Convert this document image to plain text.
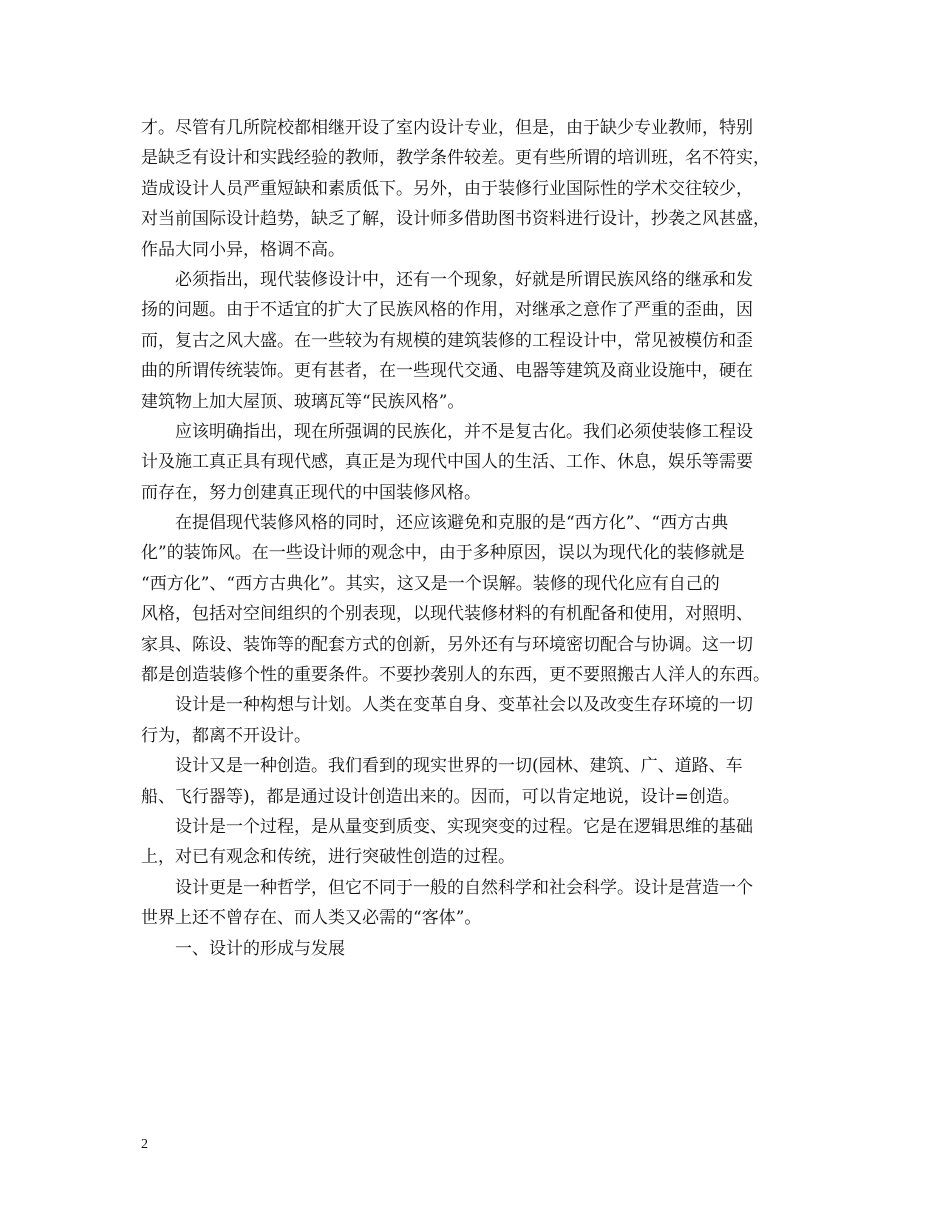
才。尽管有几所院校都相继开设了室内设计专业，但是，由于缺少专业教师，特别
是缺乏有设计和实践经验的教师，教学条件较差。更有些所谓的培训班，名不符实，
造成设计人员严重短缺和素质低下。另外，由于装修行业国际性的学术交往较少，
对当前国际设计趋势，缺乏了解，设计师多借助图书资料进行设计，抄袭之风甚盛，
作品大同小异，格调不高。
必须指出，现代装修设计中，还有一个现象，好就是所谓民族风络的继承和发
扬的问题。由于不适宜的扩大了民族风格的作用，对继承之意作了严重的歪曲，因
而，复古之风大盛。在一些较为有规模的建筑装修的工程设计中，常见被模仿和歪
曲的所谓传统装饰。更有甚者，在一些现代交通、电器等建筑及商业设施中，硬在
建筑物上加大屋顶、玻璃瓦等“民族风格”。
应该明确指出，现在所强调的民族化，并不是复古化。我们必须使装修工程设
计及施工真正具有现代感，真正是为现代中国人的生活、工作、休息，娱乐等需要
而存在，努力创建真正现代的中国装修风格。
在提倡现代装修风格的同时，还应该避免和克服的是“西方化”、“西方古典
化”的装饰风。在一些设计师的观念中，由于多种原因，误以为现代化的装修就是
“西方化”、“西方古典化”。其实，这又是一个误解。装修的现代化应有自己的
风格，包括对空间组织的个别表现，以现代装修材料的有机配备和使用，对照明、
家具、陈设、装饰等的配套方式的创新，另外还有与环境密切配合与协调。这一切
都是创造装修个性的重要条件。不要抄袭别人的东西，更不要照搬古人洋人的东西。
设计是一种构想与计划。人类在变革自身、变革社会以及改变生存环境的一切
行为，都离不开设计。
设计又是一种创造。我们看到的现实世界的一切(园林、建筑、广、道路、车
船、飞行器等)，都是通过设计创造出来的。因而，可以肯定地说，设计=创造。
设计是一个过程，是从量变到质变、实现突变的过程。它是在逻辑思维的基础
上，对已有观念和传统，进行突破性创造的过程。
设计更是一种哲学，但它不同于一般的自然科学和社会科学。设计是营造一个
世界上还不曾存在、而人类又必需的“客体”。
一、设计的形成与发展
2
